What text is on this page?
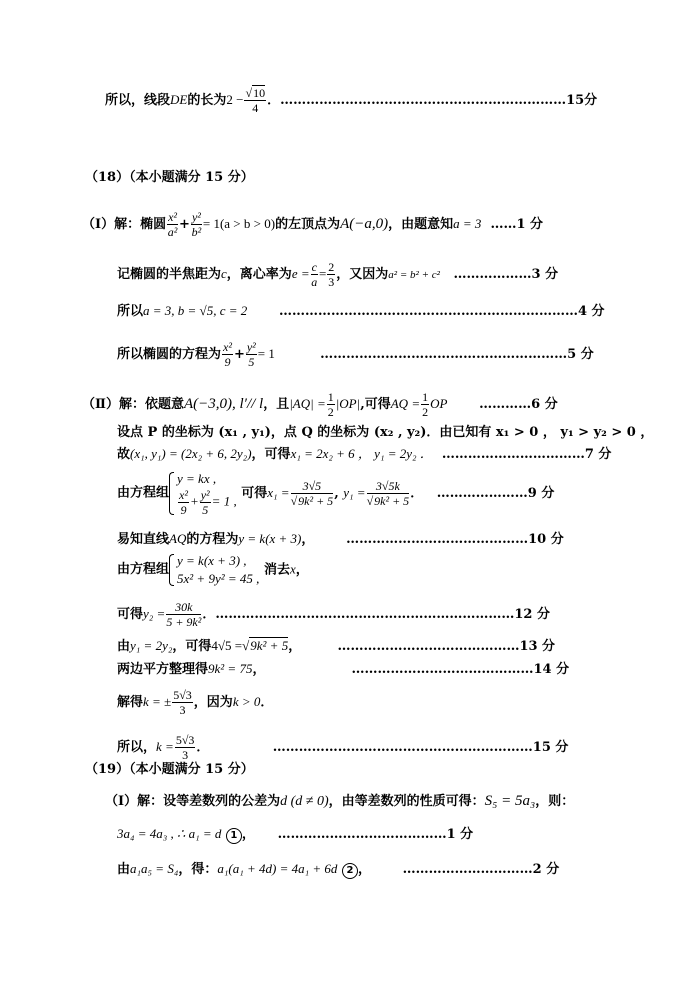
所以，线段DE的长为$2 - \frac{√10}{4}$ ．…………………………………………………………15分
（18）（本小题满分 15 分）
（Ⅰ）解：椭圆 $\frac{\text{x²}}{\text{a²}} + \frac{\text{y²}}{\text{b²}} = 1(a > b > 0)$的左顶点为A(−a,0)，由题意知a = 3 ……1 分
记椭圆的半焦距为c，离心率为$e = \frac{c}{a} = \frac{2}{3}$ ，又因为a² = b² + c² ………………3 分
所以a = 3, b = √5, c = 2 ……………………………………………………………4 分
所以椭圆的方程为 $\frac{\text{x²}}{9} + \frac{\text{y²}}{5} = 1$	…………………………………………………5 分
（Ⅱ）解：依题意A(−3,0), l′// l，且$|AQ| = \frac{1}{2} |OP|$,可得AQ = $\frac{1}{2}$ OP …………6 分
设点 P 的坐标为 (x₁ , y₁)，点 Q 的坐标为 (x₂ , y₂)．由已知有 x₁ > 0 ， y₁ > y₂ > 0 ，
故(x₁, y₁) = (2x₂ + 6, 2y₂)，可得x₁ = 2x₂ + 6 ， y₁ = 2y₂ ． ……………………………7 分
由方程组
y = kx ,
$\frac{\text{x²}}{9} + \frac{\text{y²}}{5} = 1$ , 可得$x_1 = \frac{3√5}{\text{√9k² + 5}}$ , $y_1 = \frac{3√5k}{\text{√9k² + 5}}$ ．   …………………9 分
易知直线AQ的方程为y = k(x + 3)， ……………………………………10 分
由方程组
y = k(x + 3) ,
5x² + 9y² = 45 ,
消去x，
可得$y_2 = \frac{30k}{\text{5 + 9k²}}$ ．……………………………………………………………12 分
由y₁ = 2y₂，可得4√5 =√9k² + 5，	……………………………………13 分
两边平方整理得9k² = 75，	……………………………………14 分
解得k = ± $\frac{5√3}{3}$ ，因为k > 0．
所以，$k = \frac{5√3}{3}$ ．	……………………………………………………15 分
（19）（本小题满分 15 分）
（Ⅰ）解：设等差数列的公差为d (d ≠ 0)，由等差数列的性质可得：S₅ = 5a₃，则：
3a₄ = 4a₃ , ∴ a₁ = d 1 ， …………………………………1 分
由a₁a₅ = S₄，得：a₁(a₁ + 4d) = 4a₁ + 6d 2 ， …………………………2 分
